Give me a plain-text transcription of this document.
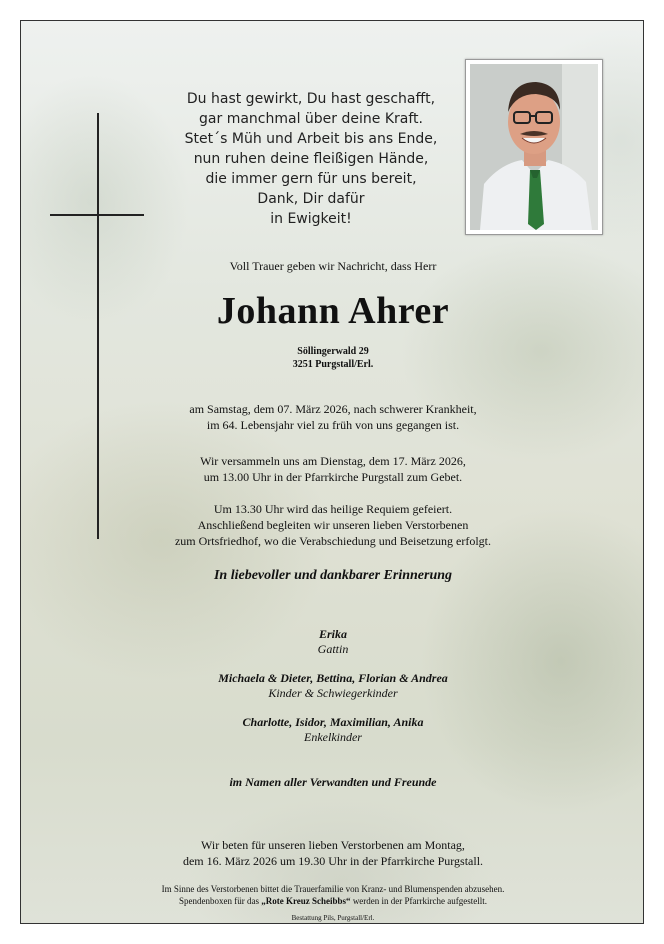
Du hast gewirkt, Du hast geschafft,
gar manchmal über deine Kraft.
Stet´s Müh und Arbeit bis ans Ende,
nun ruhen deine fleißigen Hände,
die immer gern für uns bereit,
Dank, Dir dafür
in Ewigkeit!
Voll Trauer geben wir Nachricht, dass Herr
Johann Ahrer
Söllingerwald 29
3251 Purgstall/Erl.
am Samstag, dem 07. März 2026, nach schwerer Krankheit,
im 64. Lebensjahr viel zu früh von uns gegangen ist.
Wir versammeln uns am Dienstag, dem 17. März 2026,
um 13.00 Uhr in der Pfarrkirche Purgstall zum Gebet.
Um 13.30 Uhr wird das heilige Requiem gefeiert.
Anschließend begleiten wir unseren lieben Verstorbenen
zum Ortsfriedhof, wo die Verabschiedung und Beisetzung erfolgt.
In liebevoller und dankbarer Erinnerung
Erika
Gattin
Michaela & Dieter, Bettina, Florian & Andrea
Kinder & Schwiegerkinder
Charlotte, Isidor, Maximilian, Anika
Enkelkinder
im Namen aller Verwandten und Freunde
Wir beten für unseren lieben Verstorbenen am Montag,
dem 16. März 2026 um 19.30 Uhr in der Pfarrkirche Purgstall.
Im Sinne des Verstorbenen bittet die Trauerfamilie von Kranz- und Blumenspenden abzusehen.
Spendenboxen für das „Rote Kreuz Scheibbs“ werden in der Pfarrkirche aufgestellt.
Bestattung Pils, Purgstall/Erl.
